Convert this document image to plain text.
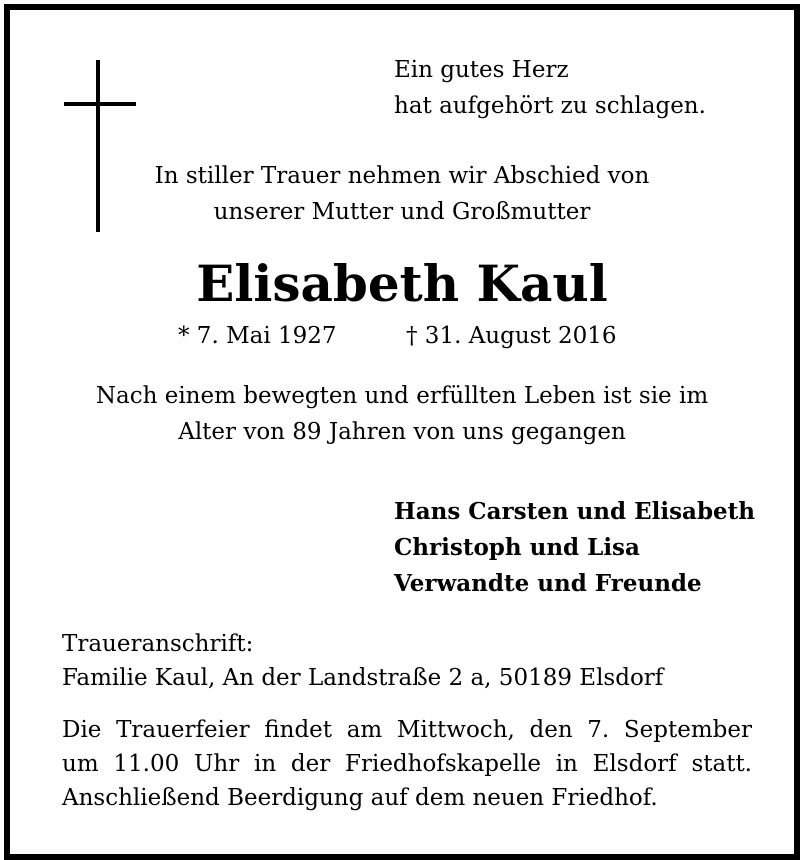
Ein gutes Herz
hat aufgehört zu schlagen.
In stiller Trauer nehmen wir Abschied von
unserer Mutter und Großmutter
Elisabeth Kaul
* 7. Mai 1927	† 31. August 2016
Nach einem bewegten und erfüllten Leben ist sie im
Alter von 89 Jahren von uns gegangen
Hans Carsten und Elisabeth
Christoph und Lisa
Verwandte und Freunde
Traueranschrift:
Familie Kaul, An der Landstraße 2 a, 50189 Elsdorf
Die Trauerfeier findet am Mittwoch, den 7. September
um 11.00 Uhr in der Friedhofskapelle in Elsdorf statt.
Anschließend Beerdigung auf dem neuen Friedhof.
